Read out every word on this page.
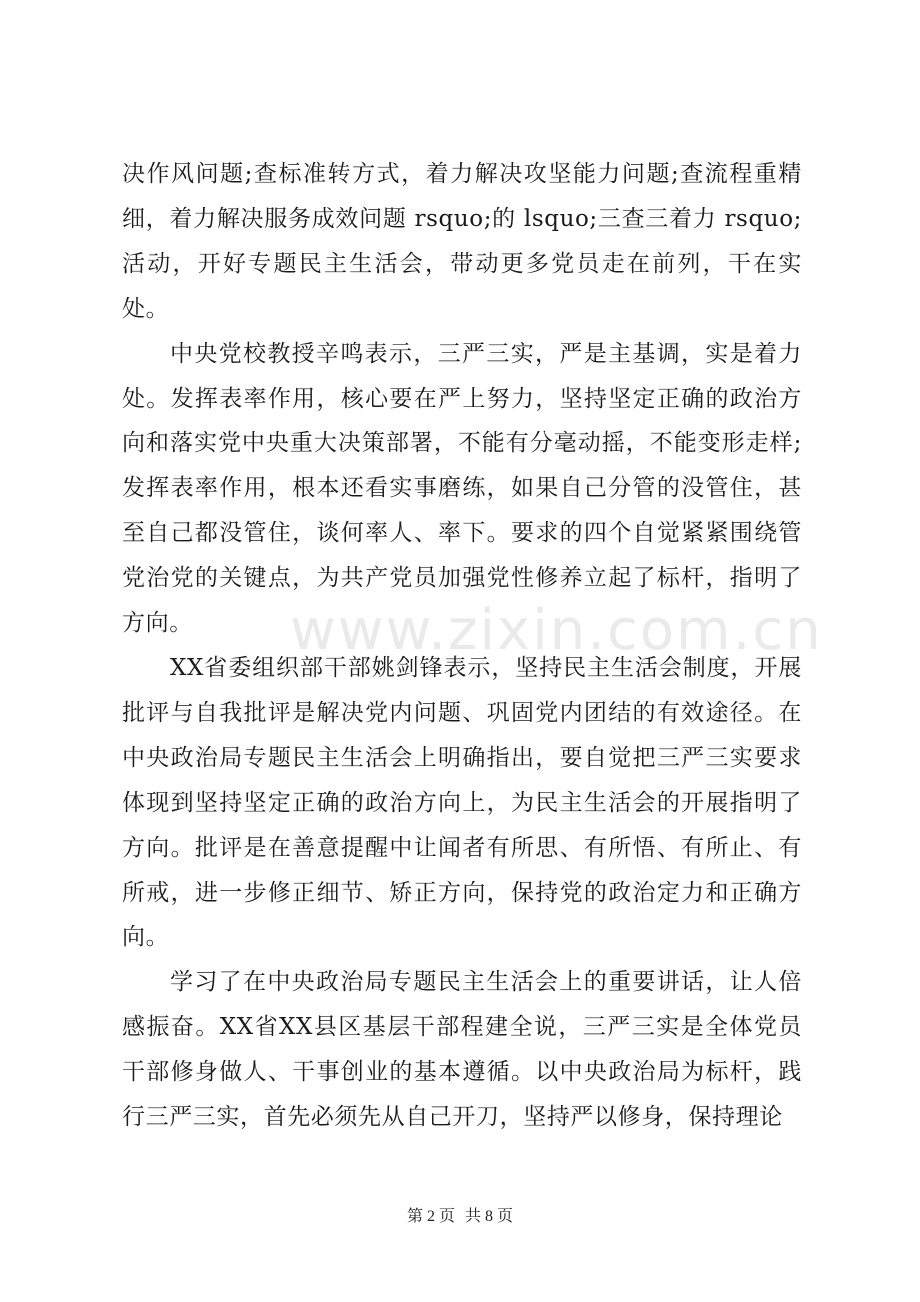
www.zixin.com.cn

决作风问题;查标准转方式，着力解决攻坚能力问题;查流程重精细，着力解决服务成效问题 rsquo;的 lsquo;三查三着力 rsquo;活动，开好专题民主生活会，带动更多党员走在前列，干在实处。

中央党校教授辛鸣表示，三严三实，严是主基调，实是着力处。发挥表率作用，核心要在严上努力，坚持坚定正确的政治方向和落实党中央重大决策部署，不能有分毫动摇，不能变形走样;发挥表率作用，根本还看实事磨练，如果自己分管的没管住，甚至自己都没管住，谈何率人、率下。要求的四个自觉紧紧围绕管党治党的关键点，为共产党员加强党性修养立起了标杆，指明了方向。

XX省委组织部干部姚剑锋表示，坚持民主生活会制度，开展批评与自我批评是解决党内问题、巩固党内团结的有效途径。在中央政治局专题民主生活会上明确指出，要自觉把三严三实要求体现到坚持坚定正确的政治方向上，为民主生活会的开展指明了方向。批评是在善意提醒中让闻者有所思、有所悟、有所止、有所戒，进一步修正细节、矫正方向，保持党的政治定力和正确方向。

学习了在中央政治局专题民主生活会上的重要讲话，让人倍感振奋。XX省XX县区基层干部程建全说，三严三实是全体党员干部修身做人、干事创业的基本遵循。以中央政治局为标杆，践行三严三实，首先必须先从自己开刀，坚持严以修身，保持理论

第 2 页 共 8 页
